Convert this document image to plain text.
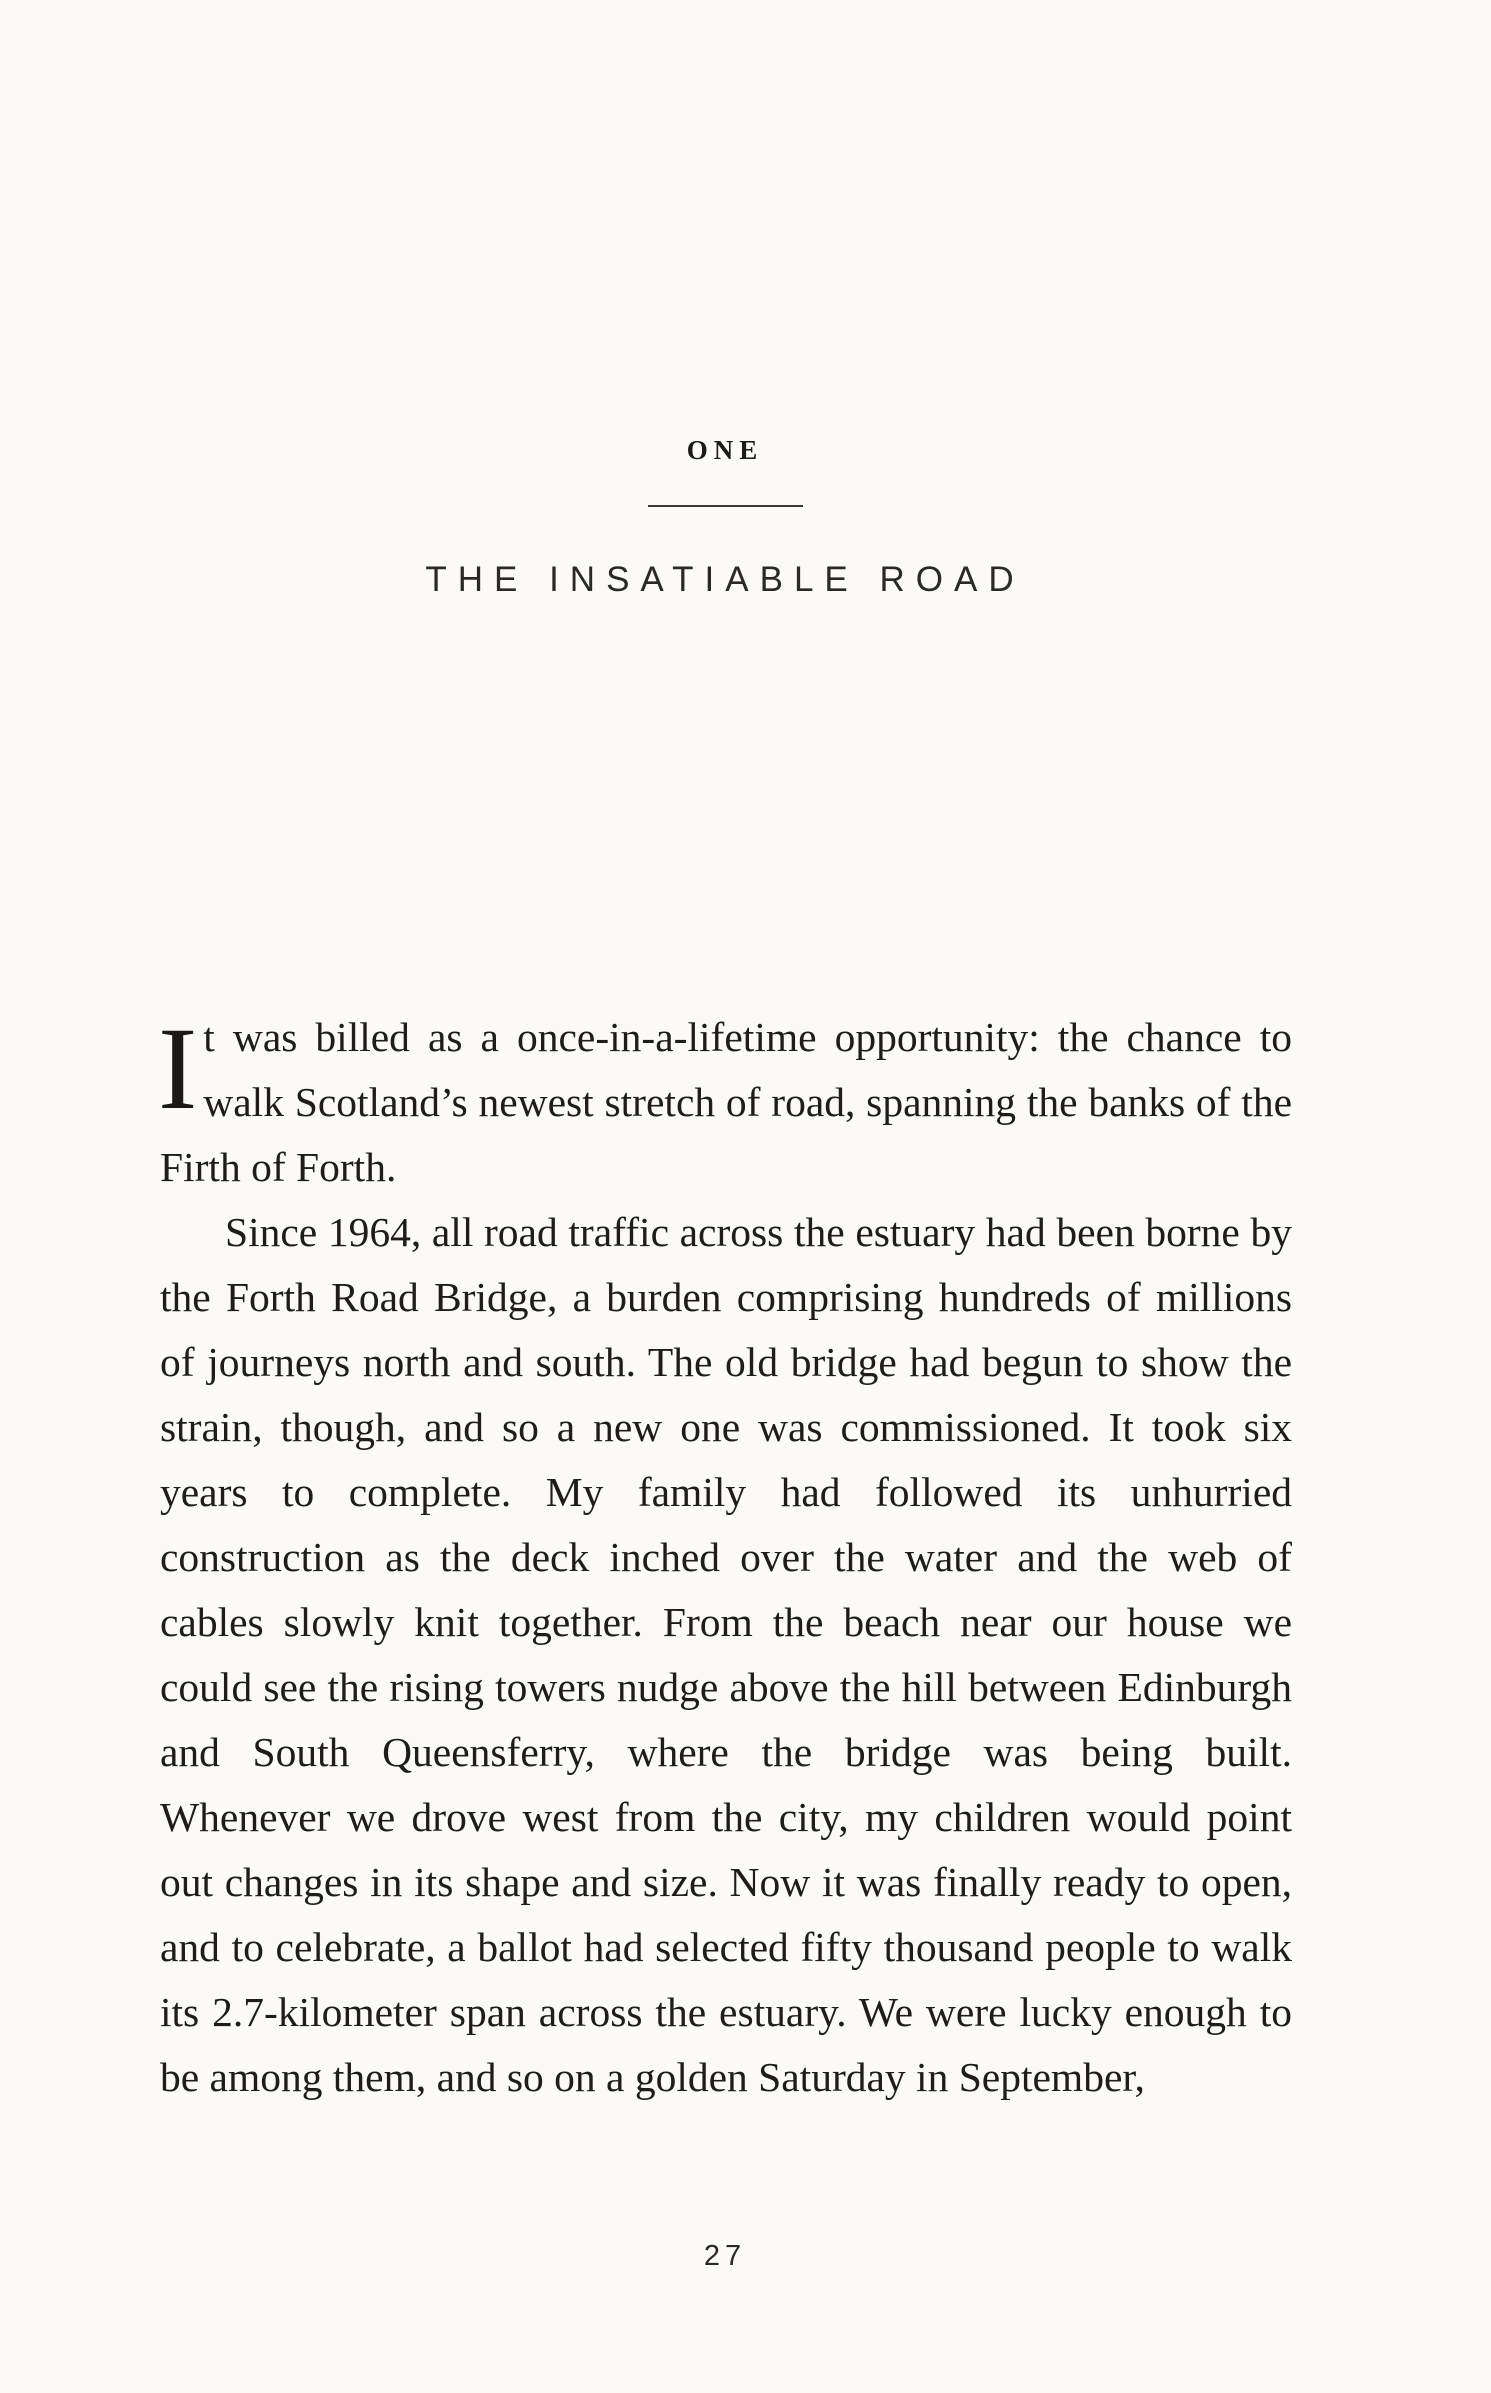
ONE
THE INSATIABLE ROAD

It was billed as a once-in-a-lifetime opportunity: the chance to walk Scotland’s newest stretch of road, spanning the banks of the Firth of Forth.

Since 1964, all road traffic across the estuary had been borne by the Forth Road Bridge, a burden comprising hundreds of millions of journeys north and south. The old bridge had begun to show the strain, though, and so a new one was commissioned. It took six years to complete. My family had followed its unhurried construction as the deck inched over the water and the web of cables slowly knit together. From the beach near our house we could see the rising towers nudge above the hill between Edinburgh and South Queensferry, where the bridge was being built. Whenever we drove west from the city, my children would point out changes in its shape and size. Now it was finally ready to open, and to celebrate, a ballot had selected fifty thousand people to walk its 2.7-kilometer span across the estuary. We were lucky enough to be among them, and so on a golden Saturday in September,

27
